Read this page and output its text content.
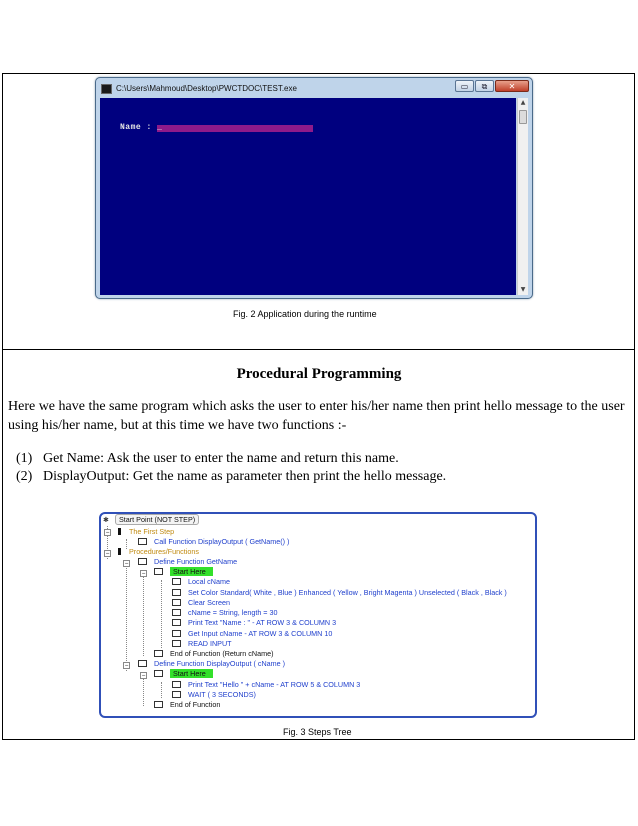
C:\Users\Mahmoud\Desktop\PWCTDOC\TEST.exe	▭	⧉	✕
Name : _
▲
▼
Fig. 2 Application during the runtime
Procedural Programming
Here we have the same program which asks the user to enter his/her name then print hello message to the user using his/her name, but at this time we have two functions :-
(1) Get Name: Ask the user to enter the name and return this name.
(2) DisplayOutput: Get the name as parameter then print the hello message.
✱ Start Point (NOT STEP)
−	The First Step
Call Function DisplayOutput ( GetName() )
−	Procedures/Functions
−	Define Function GetName
−	Start Here
Local cName
Set Color Standard( White , Blue ) Enhanced ( Yellow , Bright Magenta ) Unselected ( Black , Black )
Clear Screen
cName = String, length = 30
Print Text "Name : " - AT ROW 3 & COLUMN 3
Get Input cName - AT ROW 3 & COLUMN 10
READ INPUT
End of Function (Return cName)
−	Define Function DisplayOutput ( cName )
−	Start Here
Print Text "Hello " + cName - AT ROW 5 & COLUMN 3
WAIT ( 3 SECONDS)
End of Function
Fig. 3 Steps Tree
